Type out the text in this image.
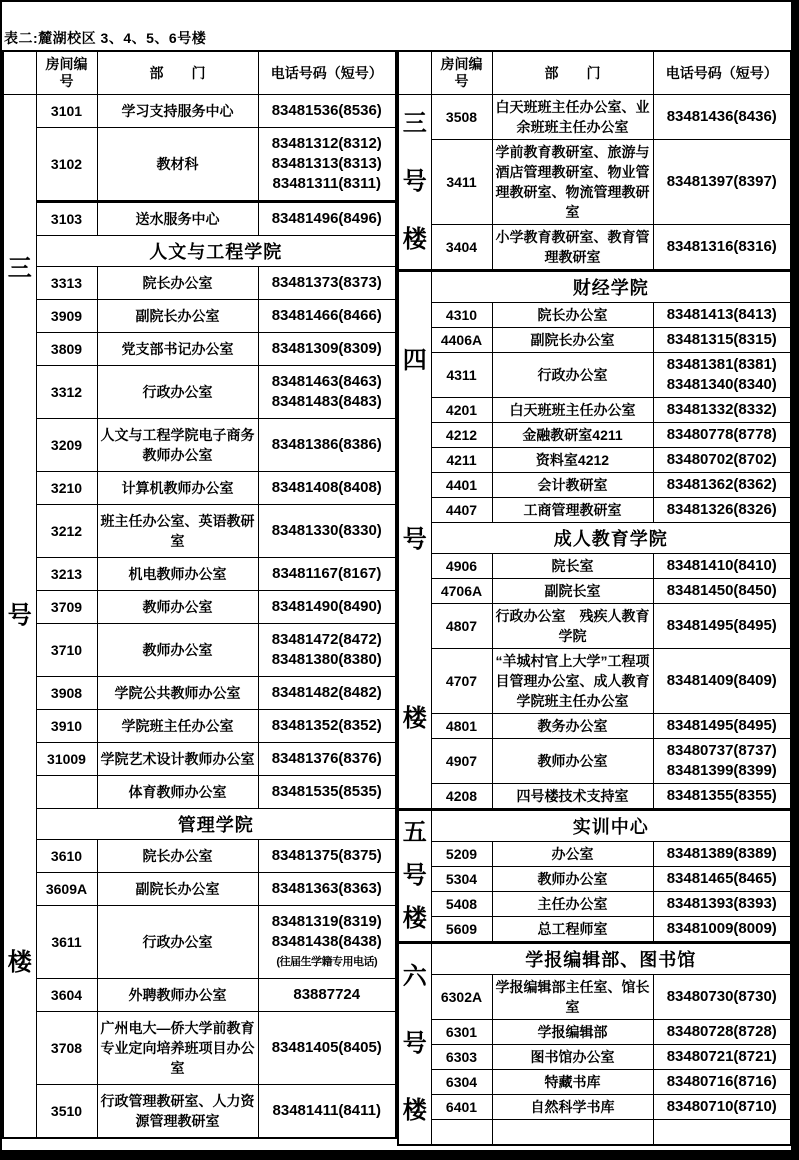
表二:麓湖校区 3、4、5、6号楼
	房间编号	部　　门	电话号码（短号）

三
号
楼	3101	学习支持服务中心	83481536(8536)

	3102	教材科	83481312(8312)
83481313(8313)
83481311(8311)

	3103	送水服务中心	83481496(8496)

	人文与工程学院		
	3313	院长办公室	83481373(8373)

	3909	副院长办公室	83481466(8466)

	3809	党支部书记办公室	83481309(8309)

	3312	行政办公室	83481463(8463)
83481483(8483)

	3209	人文与工程学院电子商务教师办公室	83481386(8386)

	3210	计算机教师办公室	83481408(8408)

	3212	班主任办公室、英语教研室	83481330(8330)

	3213	机电教师办公室	83481167(8167)

	3709	教师办公室	83481490(8490)

	3710	教师办公室	83481472(8472)
83481380(8380)

	3908	学院公共教师办公室	83481482(8482)

	3910	学院班主任办公室	83481352(8352)

	31009	学院艺术设计教师办公室	83481376(8376)

		体育教师办公室	83481535(8535)

	管理学院		
	3610	院长办公室	83481375(8375)

	3609A	副院长办公室	83481363(8363)

	3611	行政办公室	83481319(8319)
83481438(8438)
(往届生学籍专用电话)

	3604	外聘教师办公室	83887724

	3708	广州电大—侨大学前教育专业定向培养班项目办公室	83481405(8405)

	3510	行政管理教研室、人力资源管理教研室	83481411(8411)
	房间编号	部　　门	电话号码（短号）

三
号
楼	3508	白天班班主任办公室、业余班班主任办公室	83481436(8436)

	3411	学前教育教研室、旅游与酒店管理教研室、物业管理教研室、物流管理教研室	83481397(8397)

	3404	小学教育教研室、教育管理教研室	83481316(8316)

四
号
楼	财经学院		
	4310	院长办公室	83481413(8413)

	4406A	副院长办公室	83481315(8315)

	4311	行政办公室	83481381(8381)
83481340(8340)

	4201	白天班班主任办公室	83481332(8332)

	4212	金融教研室4211	83480778(8778)

	4211	资料室4212	83480702(8702)

	4401	会计教研室	83481362(8362)

	4407	工商管理教研室	83481326(8326)

	成人教育学院		
	4906	院长室	83481410(8410)

	4706A	副院长室	83481450(8450)

	4807	行政办公室　残疾人教育学院	83481495(8495)

	4707	“羊城村官上大学”工程项目管理办公室、成人教育学院班主任办公室	83481409(8409)

	4801	教务办公室	83481495(8495)

	4907	教师办公室	83480737(8737)
83481399(8399)

	4208	四号楼技术支持室	83481355(8355)

五
号
楼	实训中心		
	5209	办公室	83481389(8389)

	5304	教师办公室	83481465(8465)

	5408	主任办公室	83481393(8393)

	5609	总工程师室	83481009(8009)

六
号
楼	学报编辑部、图书馆		
	6302A	学报编辑部主任室、馆长室	83480730(8730)

	6301	学报编辑部	83480728(8728)

	6303	图书馆办公室	83480721(8721)

	6304	特藏书库	83480716(8716)

	6401	自然科学书库	83480710(8710)
